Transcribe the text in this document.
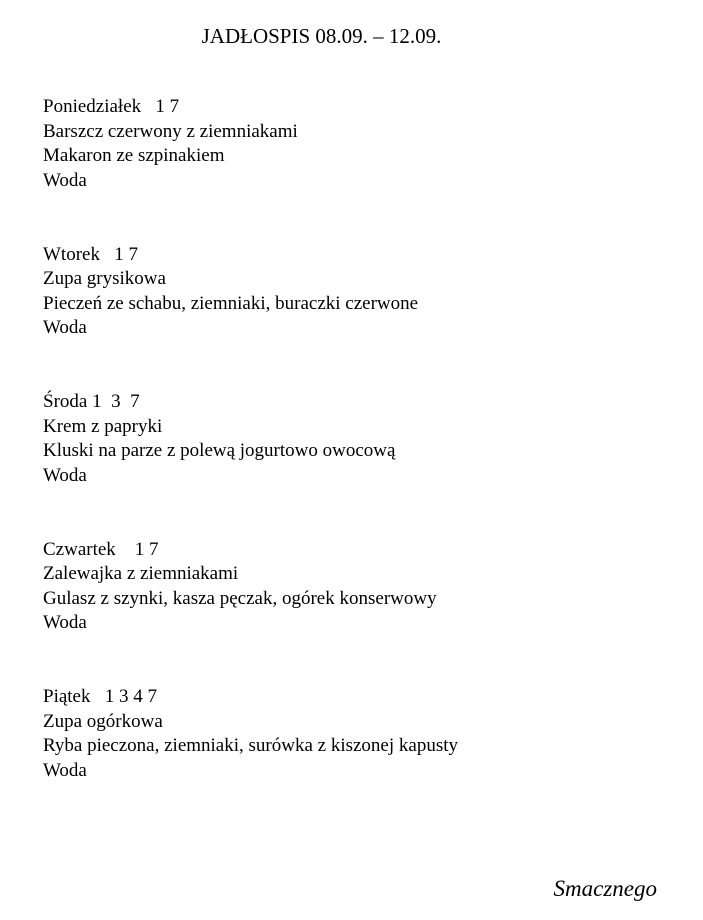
JADŁOSPIS 08.09. – 12.09.
Poniedziałek   1 7
Barszcz czerwony z ziemniakami
Makaron ze szpinakiem
Woda
Wtorek   1 7
Zupa grysikowa
Pieczeń ze schabu, ziemniaki, buraczki czerwone
Woda
Środa 1  3  7
Krem z papryki
Kluski na parze z polewą jogurtowo owocową
Woda
Czwartek    1 7
Zalewajka z ziemniakami
Gulasz z szynki, kasza pęczak, ogórek konserwowy
Woda
Piątek   1 3 4 7
Zupa ogórkowa
Ryba pieczona, ziemniaki, surówka z kiszonej kapusty
Woda
Smacznego
